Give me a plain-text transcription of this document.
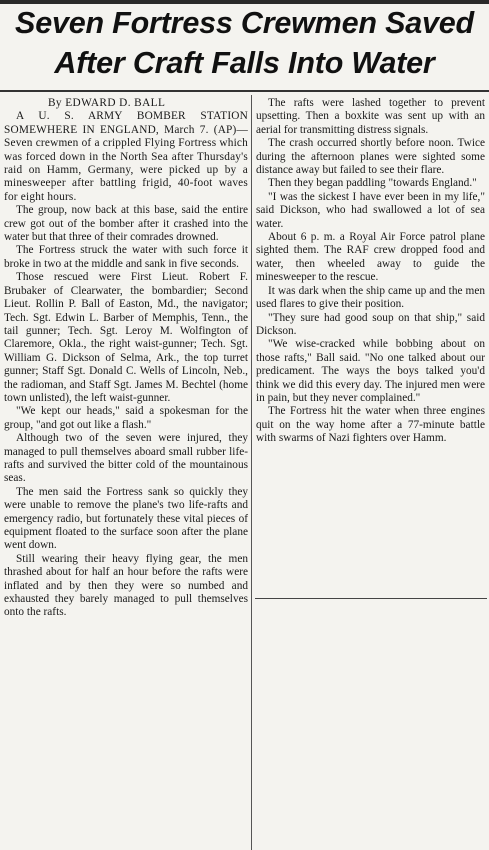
Seven Fortress Crewmen Saved
After Craft Falls Into Water

By EDWARD D. BALL

A U. S. ARMY BOMBER STATION SOMEWHERE IN ENGLAND, March 7. (AP)—Seven crewmen of a crippled Flying Fortress which was forced down in the North Sea after Thursday's raid on Hamm, Germany, were picked up by a minesweeper after battling frigid, 40-foot waves for eight hours.

The group, now back at this base, said the entire crew got out of the bomber after it crashed into the water but that three of their comrades drowned.

The Fortress struck the water with such force it broke in two at the middle and sank in five seconds.

Those rescued were First Lieut. Robert F. Brubaker of Clearwater, the bombardier; Second Lieut. Rollin P. Ball of Easton, Md., the navigator; Tech. Sgt. Edwin L. Barber of Memphis, Tenn., the tail gunner; Tech. Sgt. Leroy M. Wolfington of Claremore, Okla., the right waist-gunner; Tech. Sgt. William G. Dickson of Selma, Ark., the top turret gunner; Staff Sgt. Donald C. Wells of Lincoln, Neb., the radioman, and Staff Sgt. James M. Bechtel (home town unlisted), the left waist-gunner.

"We kept our heads," said a spokesman for the group, "and got out like a flash."

Although two of the seven were injured, they managed to pull themselves aboard small rubber life-rafts and survived the bitter cold of the mountainous seas.

The men said the Fortress sank so quickly they were unable to remove the plane's two life-rafts and emergency radio, but fortunately these vital pieces of equipment floated to the surface soon after the plane went down.

Still wearing their heavy flying gear, the men thrashed about for half an hour before the rafts were inflated and by then they were so numbed and exhausted they barely managed to pull themselves onto the rafts.

The rafts were lashed together to prevent upsetting. Then a boxkite was sent up with an aerial for transmitting distress signals.

The crash occurred shortly before noon. Twice during the afternoon planes were sighted some distance away but failed to see their flare.

Then they began paddling "towards England."

"I was the sickest I have ever been in my life," said Dickson, who had swallowed a lot of sea water.

About 6 p. m. a Royal Air Force patrol plane sighted them. The RAF crew dropped food and water, then wheeled away to guide the minesweeper to the rescue.

It was dark when the ship came up and the men used flares to give their position.

"They sure had good soup on that ship," said Dickson.

"We wise-cracked while bobbing about on those rafts," Ball said. "No one talked about our predicament. The ways the boys talked you'd think we did this every day. The injured men were in pain, but they never complained."

The Fortress hit the water when three engines quit on the way home after a 77-minute battle with swarms of Nazi fighters over Hamm.
